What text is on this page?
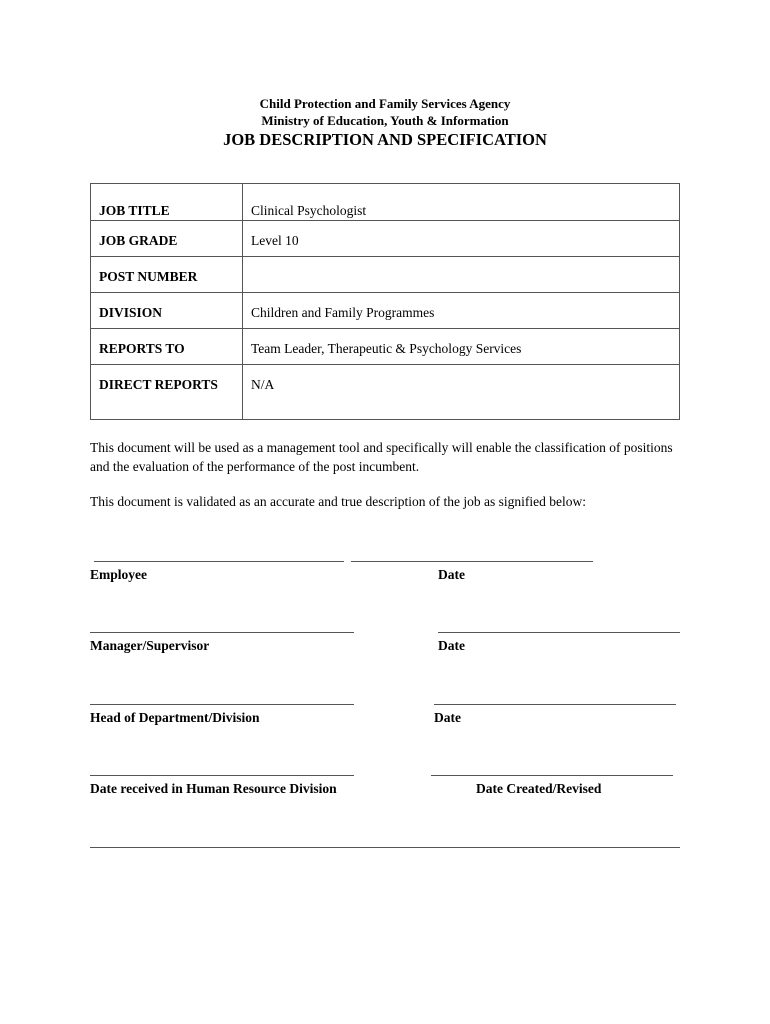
Child Protection and Family Services Agency
Ministry of Education, Youth & Information
JOB DESCRIPTION AND SPECIFICATION
JOB TITLE	Clinical Psychologist
JOB GRADE	Level 10
POST NUMBER	
DIVISION	Children and Family Programmes
REPORTS TO	Team Leader, Therapeutic & Psychology Services
DIRECT REPORTS	N/A
This document will be used as a management tool and specifically will enable the classification of positions and the evaluation of the performance of the post incumbent.
This document is validated as an accurate and true description of the job as signified below:
Employee	Date
Manager/Supervisor	Date
Head of Department/Division	Date
Date received in Human Resource Division	Date Created/Revised
